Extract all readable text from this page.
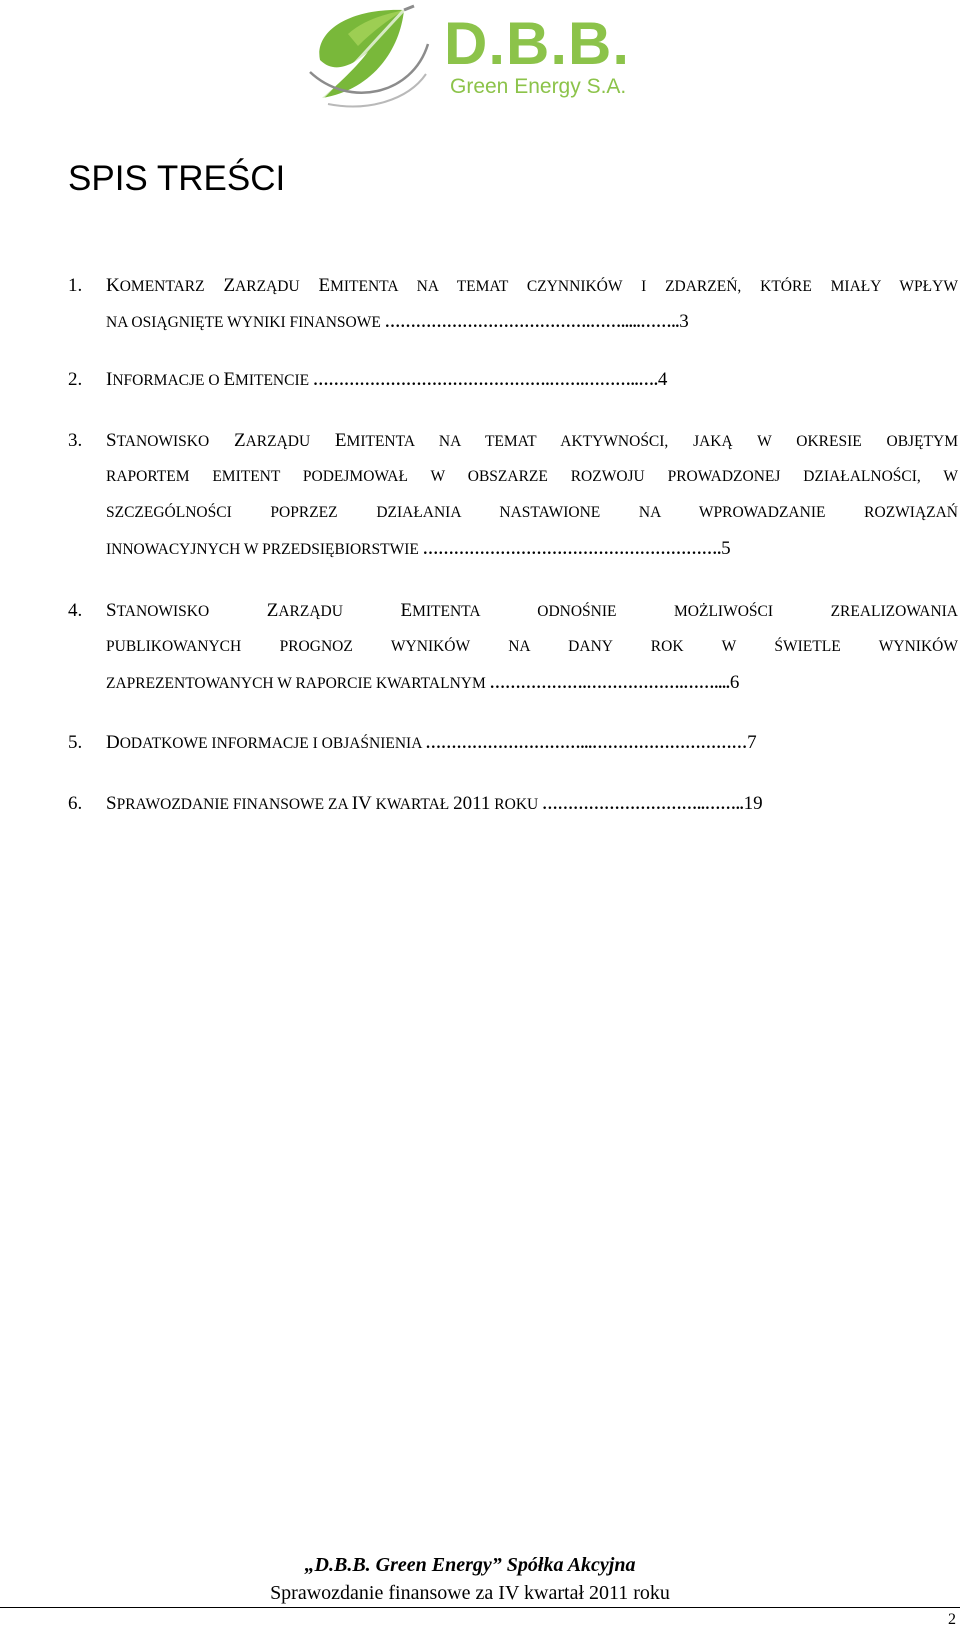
D.B.B.
Green Energy S.A.
SPIS TREŚCI
1. KOMENTARZ ZARZĄDU EMITENTA NA TEMAT CZYNNIKÓW I ZDARZEŃ, KTÓRE MIAŁY WPŁYW
NA OSIĄGNIĘTE WYNIKI FINANSOWE ………………………………….…….....……..3
2. INFORMACJE O EMITENCIE ……………………………………….…….………..….4
3. STANOWISKO ZARZĄDU EMITENTA NA TEMAT AKTYWNOŚCI, JAKĄ W OKRESIE OBJĘTYM
RAPORTEM EMITENT PODEJMOWAŁ W OBSZARZE ROZWOJU PROWADZONEJ DZIAŁALNOŚCI, W
SZCZEGÓLNOŚCI POPRZEZ DZIAŁANIA NASTAWIONE NA WPROWADZANIE ROZWIĄZAŃ
INNOWACYJNYCH W PRZEDSIĘBIORSTWIE ………………………………………………….5
4. STANOWISKO ZARZĄDU EMITENTA ODNOŚNIE MOŻLIWOŚCI ZREALIZOWANIA
PUBLIKOWANYCH PROGNOZ WYNIKÓW NA DANY ROK W ŚWIETLE WYNIKÓW
ZAPREZENTOWANYCH W RAPORCIE KWARTALNYM ……………….……………….……....6
5. DODATKOWE INFORMACJE I OBJAŚNIENIA …………………………...…………………………7
6. SPRAWOZDANIE FINANSOWE ZA IV KWARTAŁ 2011 ROKU …………………………..……..19
„D.B.B. Green Energy” Spółka Akcyjna
Sprawozdanie finansowe za IV kwartał 2011 roku
2
